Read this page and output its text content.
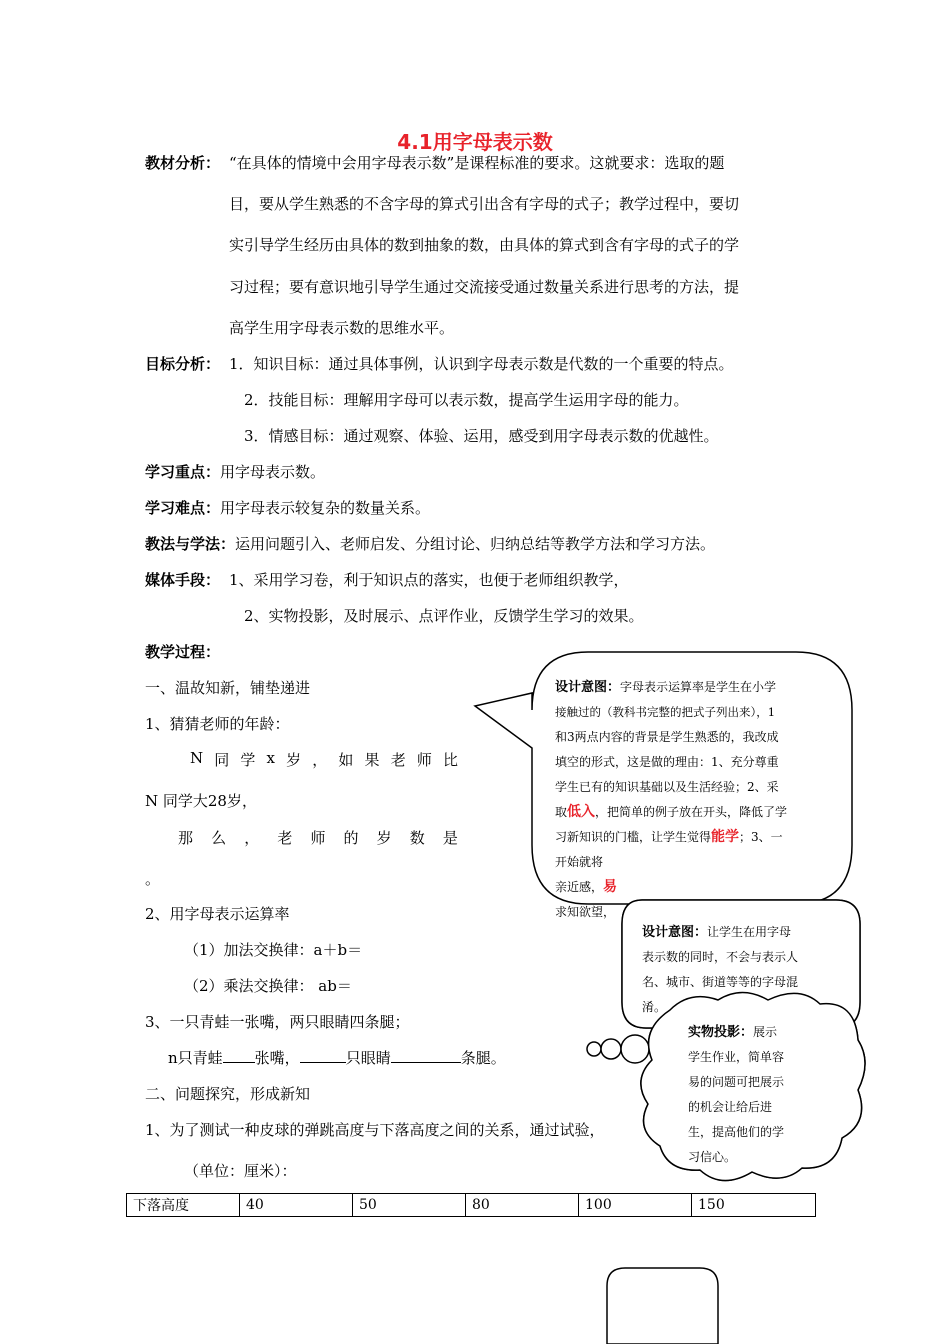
4.1用字母表示数
教材分析： “在具体的情境中会用字母表示数”是课程标准的要求。这就要求：选取的题
目，要从学生熟悉的不含字母的算式引出含有字母的式子；教学过程中，要切
实引导学生经历由具体的数到抽象的数，由具体的算式到含有字母的式子的学
习过程；要有意识地引导学生通过交流接受通过数量关系进行思考的方法，提
高学生用字母表示数的思维水平。
目标分析： 1．知识目标：通过具体事例，认识到字母表示数是代数的一个重要的特点。
2．技能目标：理解用字母可以表示数，提高学生运用字母的能力。
3．情感目标：通过观察、体验、运用，感受到用字母表示数的优越性。
学习重点：用字母表示数。
学习难点：用字母表示较复杂的数量关系。
教法与学法：运用问题引入、老师启发、分组讨论、归纳总结等教学方法和学习方法。
媒体手段： 1、采用学习卷，利于知识点的落实，也便于老师组织教学，
2、实物投影，及时展示、点评作业，反馈学生学习的效果。
教学过程：
一、温故知新，铺垫递进
1、猜猜老师的年龄：
N 同 学 x 岁 ， 如 果 老 师 比
N 同学大28岁，
那 么 ， 老 师 的 岁 数 是
。
2、用字母表示运算率
（1）加法交换律：a＋b＝
（2）乘法交换律： ab＝
3、一只青蛙一张嘴，两只眼睛四条腿；
n只青蛙 张嘴，	只眼睛	条腿。
二、问题探究，形成新知
1、为了测试一种皮球的弹跳高度与下落高度之间的关系，通过试验，
（单位：厘米）：
下落高度	40	50	80	100	150
设计意图：字母表示运算率是学生在小学
接触过的（教科书完整的把式子列出来），1
和3两点内容的背景是学生熟悉的，我改成
填空的形式，这是做的理由：1、充分尊重
学生已有的知识基础以及生活经验；2、采
取低入，把简单的例子放在开头，降低了学
习新知识的门槛，让学生觉得能学；3、一
开始就将
亲近感，易
求知欲望，
设计意图：让学生在用字母
表示数的同时，不会与表示人
名、城市、街道等等的字母混
淆。
实物投影：展示
学生作业，简单容
易的问题可把展示
的机会让给后进
生，提高他们的学
习信心。
